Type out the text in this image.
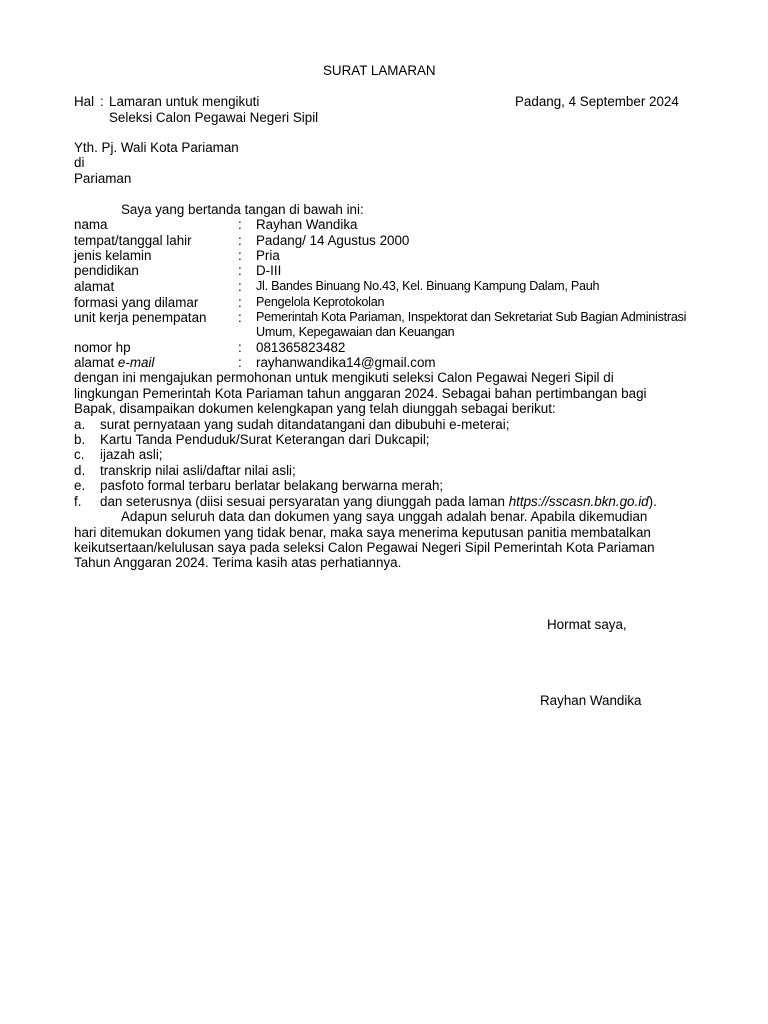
SURAT LAMARAN
Hal : Lamaran untuk mengikuti
Seleksi Calon Pegawai Negeri Sipil
Padang, 4 September 2024
Yth. Pj. Wali Kota Pariaman
di
Pariaman
Saya yang bertanda tangan di bawah ini:
nama	: Rayhan Wandika
tempat/tanggal lahir	: Padang/ 14 Agustus 2000
jenis kelamin	: Pria
pendidikan	: D-III
alamat	: Jl. Bandes Binuang No.43, Kel. Binuang Kampung Dalam, Pauh
formasi yang dilamar	: Pengelola Keprotokolan
unit kerja penempatan : Pemerintah Kota Pariaman, Inspektorat dan Sekretariat Sub Bagian Administrasi
Umum, Kepegawaian dan Keuangan
nomor hp	: 081365823482
alamat e-mail	: rayhanwandika14@gmail.com
dengan ini mengajukan permohonan untuk mengikuti seleksi Calon Pegawai Negeri Sipil di
lingkungan Pemerintah Kota Pariaman tahun anggaran 2024. Sebagai bahan pertimbangan bagi
Bapak, disampaikan dokumen kelengkapan yang telah diunggah sebagai berikut:
a. surat pernyataan yang sudah ditandatangani dan dibubuhi e-meterai;
b. Kartu Tanda Penduduk/Surat Keterangan dari Dukcapil;
c. ijazah asli;
d. transkrip nilai asli/daftar nilai asli;
e. pasfoto formal terbaru berlatar belakang berwarna merah;
f. dan seterusnya (diisi sesuai persyaratan yang diunggah pada laman https://sscasn.bkn.go.id).
Adapun seluruh data dan dokumen yang saya unggah adalah benar. Apabila dikemudian
hari ditemukan dokumen yang tidak benar, maka saya menerima keputusan panitia membatalkan
keikutsertaan/kelulusan saya pada seleksi Calon Pegawai Negeri Sipil Pemerintah Kota Pariaman
Tahun Anggaran 2024. Terima kasih atas perhatiannya.
Hormat saya,
Rayhan Wandika
